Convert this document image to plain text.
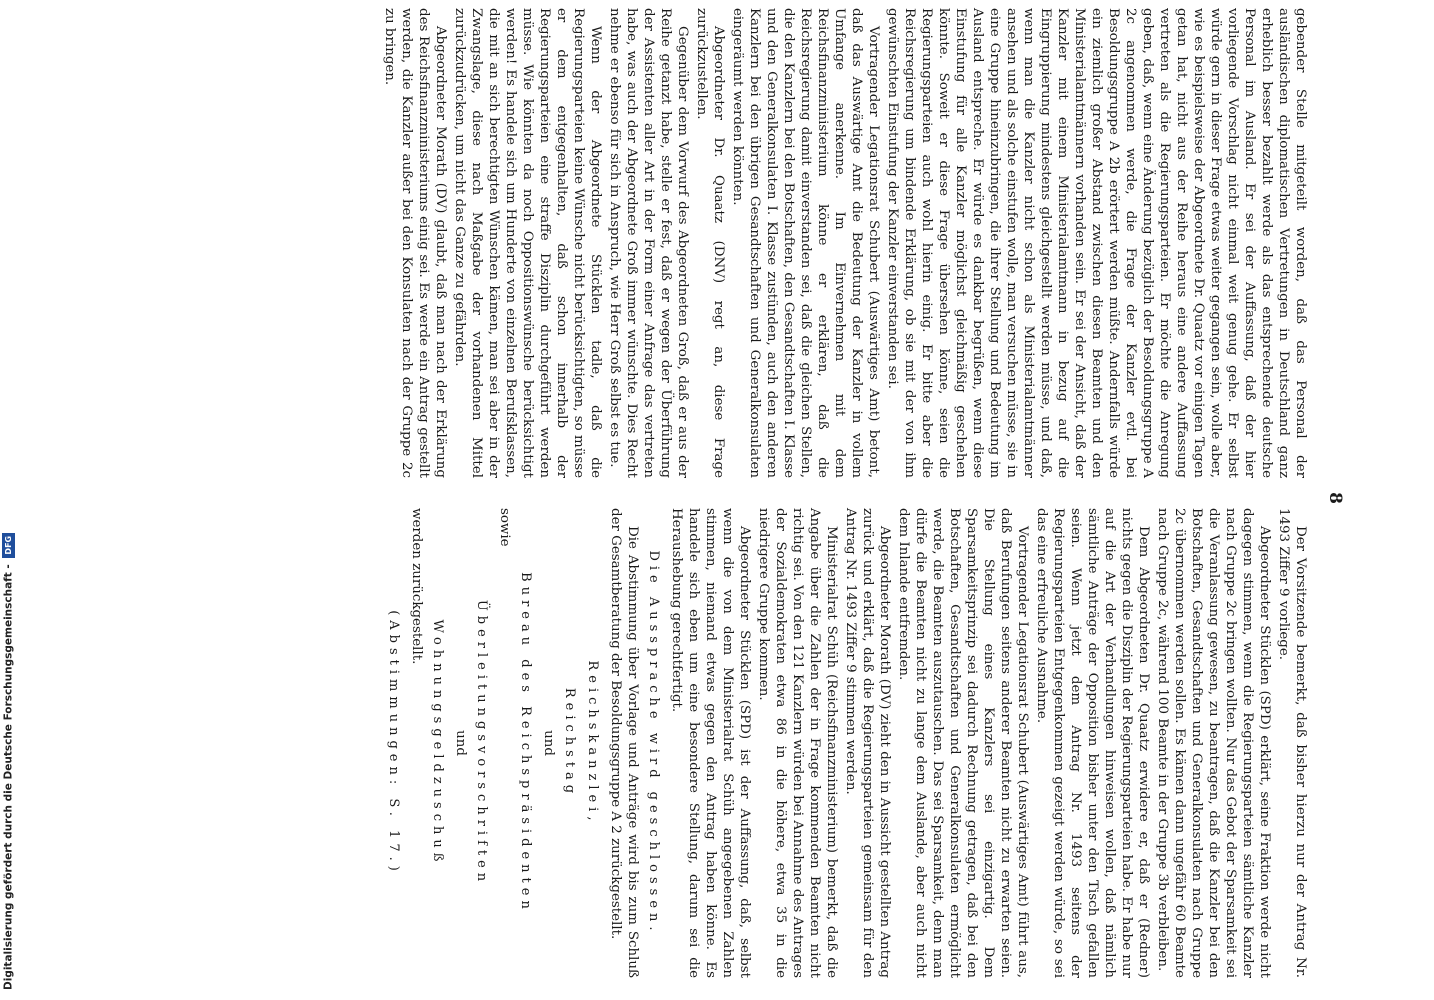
8

gebender Stelle mitgeteilt worden, daß das Personal der ausländischen diplomatischen Vertretungen in Deutschland ganz erheblich besser bezahlt werde als das entsprechende deutsche Personal im Ausland. Er sei der Auffassung, daß der hier vorliegende Vorschlag nicht einmal weit genug gehe. Er selbst würde gern in dieser Frage etwas weiter gegangen sein, wolle aber, wie es beispielsweise der Abgeordnete Dr. Quaatz vor einigen Tagen getan hat, nicht aus der Reihe heraus eine andere Auffassung vertreten als die Regierungsparteien. Er möchte die Anregung geben, daß, wenn eine Änderung bezüglich der Besoldungsgruppe A 2c angenommen werde, die Frage der Kanzler evtl. bei Besoldungsgruppe A 2b erörtert werden müßte. Andernfalls würde ein ziemlich großer Abstand zwischen diesen Beamten und den Ministerialamtmännern vorhanden sein. Er sei der Ansicht, daß der Kanzler mit einem Ministerialamtmann in bezug auf die Eingruppierung mindestens gleichgestellt werden müsse, und daß, wenn man die Kanzler nicht schon als Ministerialamtmänner ansehen und als solche einstufen wolle, man versuchen müsse, sie in eine Gruppe hineinzubringen, die ihrer Stellung und Bedeutung im Ausland entspreche. Er würde es dankbar begrüßen, wenn diese Einstufung für alle Kanzler möglichst gleichmäßig geschehen könnte. Soweit er diese Frage übersehen könne, seien die Regierungsparteien auch wohl hierin einig. Er bitte aber die Reichsregierung um bindende Erklärung, ob sie mit der von ihm gewünschten Einstufung der Kanzler einverstanden sei.

Vortragender Legationsrat Schubert (Auswärtiges Amt) betont, daß das Auswärtige Amt die Bedeutung der Kanzler in vollem Umfange anerkenne. Im Einvernehmen mit dem Reichsfinanzministerium könne er erklären, daß die Reichsregierung damit einverstanden sei, daß die gleichen Stellen, die den Kanzlern bei den Botschaften, den Gesandtschaften I. Klasse und den Generalkonsulaten I. Klasse zustünden, auch den anderen Kanzlern bei den übrigen Gesandtschaften und Generalkonsulaten eingeräumt werden könnten.

Abgeordneter Dr. Quaatz (DNV) regt an, diese Frage zurückzustellen.

Gegenüber dem Vorwurf des Abgeordneten Groß, daß er aus der Reihe getanzt habe, stelle er fest, daß er wegen der Überführung der Assistenten aller Art in der Form einer Anfrage das vertreten habe, was auch der Abgeordnete Groß immer wünschte. Dies Recht nehme er ebenso für sich in Anspruch, wie Herr Groß selbst es tue.

Wenn der Abgeordnete Stücklen tadle, daß die Regierungsparteien keine Wünsche nicht berücksichtigten, so müsse er dem entgegenhalten, daß schon innerhalb der Regierungsparteien eine straffe Disziplin durchgeführt werden müsse. Wie könnten da noch Oppositionswünsche berücksichtigt werden! Es handele sich um Hunderte von einzelnen Berufsklassen, die mit an sich berechtigten Wünschen kämen, man sei aber in der Zwangslage, diese nach Maßgabe der vorhandenen Mittel zurückzudrücken, um nicht das Ganze zu gefährden.

Abgeordneter Morath (DV) glaubt, daß man nach der Erklärung des Reichsfinanzministeriums einig sei. Es werde ein Antrag gestellt werden, die Kanzler außer bei den Konsulaten nach der Gruppe 2c zu bringen.

Der Vorsitzende bemerkt, daß bisher hierzu nur der Antrag Nr. 1493 Ziffer 9 vorliege.

Abgeordneter Stücklen (SPD) erklärt, seine Fraktion werde nicht dagegen stimmen, wenn die Regierungsparteien sämtliche Kanzler nach Gruppe 2c bringen wollten. Nur das Gebot der Sparsamkeit sei die Veranlassung gewesen, zu beantragen, daß die Kanzler bei den Botschaften, Gesandtschaften und Generalkonsulaten nach Gruppe 2c übernommen werden sollen. Es kämen dann ungefähr 60 Beamte nach Gruppe 2c, während 100 Beamte in der Gruppe 3b verbleiben.

Dem Abgeordneten Dr. Quaatz erwidere er, daß er (Redner) nichts gegen die Disziplin der Regierungsparteien habe. Er habe nur auf die Art der Verhandlungen hinweisen wollen, daß nämlich sämtliche Anträge der Opposition bisher unter den Tisch gefallen seien. Wenn jetzt dem Antrag Nr. 1493 seitens der Regierungsparteien Entgegenkommen gezeigt werden würde, so sei das eine erfreuliche Ausnahme.

Vortragender Legationsrat Schubert (Auswärtiges Amt) führt aus, daß Berufungen seitens anderer Beamten nicht zu erwarten seien. Die Stellung eines Kanzlers sei einzigartig. Dem Sparsamkeitsprinzip sei dadurch Rechnung getragen, daß bei den Botschaften, Gesandtschaften und Generalkonsulaten ermöglicht werde, die Beamten auszutauschen. Das sei Sparsamkeit, denn man dürfe die Beamten nicht zu lange dem Auslande, aber auch nicht dem Inlande entfremden.

Abgeordneter Morath (DV) zieht den in Aussicht gestellten Antrag zurück und erklärt, daß die Regierungsparteien gemeinsam für den Antrag Nr. 1493 Ziffer 9 stimmen werden.

Ministerialrat Schüh (Reichsfinanzministerium) bemerkt, daß die Angabe über die Zahlen der in Frage kommenden Beamten nicht richtig sei. Von den 121 Kanzlern würden bei Annahme des Antrages der Sozialdemokraten etwa 86 in die höhere, etwa 35 in die niedrigere Gruppe kommen.

Abgeordneter Stücklen (SPD) ist der Auffassung, daß, selbst wenn die von dem Ministerialrat Schüh angegebenen Zahlen stimmen, niemand etwas gegen den Antrag haben könne. Es handele sich eben um eine besondere Stellung, darum sei die Heraushebung gerechtfertigt.

Die Aussprache wird geschlossen.

Die Abstimmung über Vorlage und Anträge wird bis zum Schluß der Gesamtberatung der Besoldungsgruppe A 2 zurückgestellt.

Reichskanzlei,

Reichstag

und

Bureau des Reichspräsidenten

sowie

Überleitungsvorschriften

und

Wohnungsgeldzuschuß

werden zurückgestellt.

(Abstimmungen: S. 17.)

Digitalisierung gefördert durch die Deutsche Forschungsgemeinschaft - DFG
